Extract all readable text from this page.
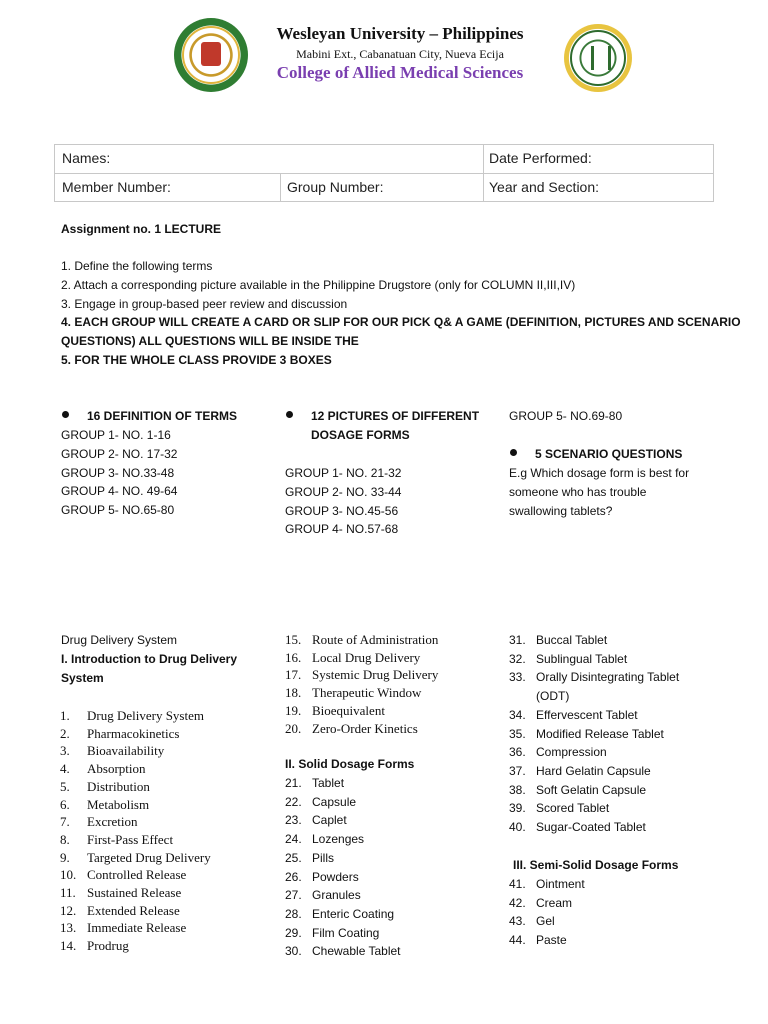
Wesleyan University – Philippines
Mabini Ext., Cabanatuan City, Nueva Ecija
College of Allied Medical Sciences
Names:	Date Performed:
Member Number:	Group Number:	Year and Section:
Assignment no. 1 LECTURE
1. Define the following terms
2. Attach a corresponding picture available in the Philippine Drugstore (only for COLUMN II,III,IV)
3. Engage in group-based peer review and discussion
4. EACH GROUP WILL CREATE A CARD OR SLIP FOR OUR PICK Q& A GAME (DEFINITION, PICTURES AND SCENARIO
QUESTIONS) ALL QUESTIONS WILL BE INSIDE THE
5. FOR THE WHOLE CLASS PROVIDE 3 BOXES
16 DEFINITION OF TERMS
GROUP 1- NO. 1-16
GROUP 2- NO. 17-32
GROUP 3- NO.33-48
GROUP 4- NO. 49-64
GROUP 5- NO.65-80
12 PICTURES OF DIFFERENT
DOSAGE FORMS
GROUP 1- NO. 21-32
GROUP 2- NO. 33-44
GROUP 3- NO.45-56
GROUP 4- NO.57-68
GROUP 5- NO.69-80
5 SCENARIO QUESTIONS
E.g Which dosage form is best for
someone who has trouble
swallowing tablets?
Drug Delivery System
I. Introduction to Drug Delivery
System
1. Drug Delivery System
2. Pharmacokinetics
3. Bioavailability
4. Absorption
5. Distribution
6. Metabolism
7. Excretion
8. First-Pass Effect
9. Targeted Drug Delivery
10. Controlled Release
11. Sustained Release
12. Extended Release
13. Immediate Release
14. Prodrug
15. Route of Administration
16. Local Drug Delivery
17. Systemic Drug Delivery
18. Therapeutic Window
19. Bioequivalent
20. Zero-Order Kinetics
II. Solid Dosage Forms
21. Tablet
22. Capsule
23. Caplet
24. Lozenges
25. Pills
26. Powders
27. Granules
28. Enteric Coating
29. Film Coating
30. Chewable Tablet
31. Buccal Tablet
32. Sublingual Tablet
33. Orally Disintegrating Tablet
(ODT)
34. Effervescent Tablet
35. Modified Release Tablet
36. Compression
37. Hard Gelatin Capsule
38. Soft Gelatin Capsule
39. Scored Tablet
40. Sugar-Coated Tablet
III. Semi-Solid Dosage Forms
41. Ointment
42. Cream
43. Gel
44. Paste
